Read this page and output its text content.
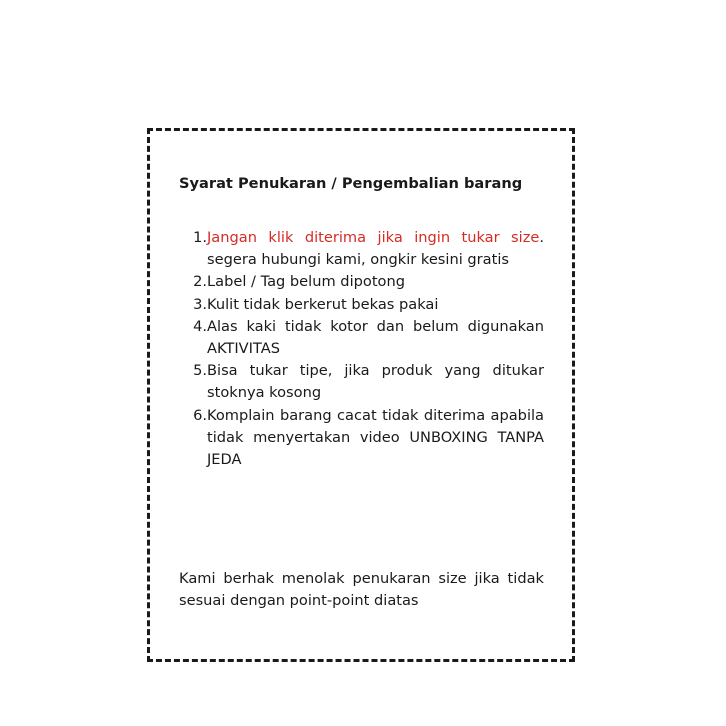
Syarat Penukaran / Pengembalian barang
1. Jangan klik diterima jika ingin tukar size. segera hubungi kami, ongkir kesini gratis
2. Label / Tag belum dipotong
3. Kulit tidak berkerut bekas pakai
4. Alas kaki tidak kotor dan belum digunakan AKTIVITAS
5. Bisa tukar tipe, jika produk yang ditukar stoknya kosong
6. Komplain barang cacat tidak diterima apabila tidak menyertakan video UNBOXING TANPA JEDA

Kami berhak menolak penukaran size jika tidak sesuai dengan point-point diatas
